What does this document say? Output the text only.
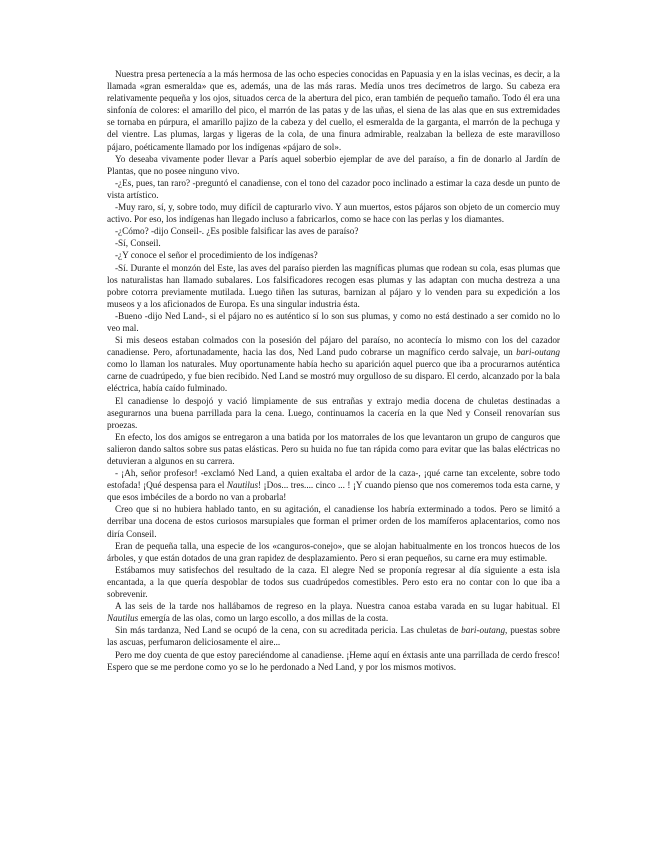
Nuestra presa pertenecía a la más hermosa de las ocho especies conocidas en Papuasia y en la islas vecinas, es decir, a la llamada «gran esmeralda» que es, además, una de las más raras. Medía unos tres decímetros de largo. Su cabeza era relativamente pequeña y los ojos, situados cerca de la abertura del pico, eran también de pequeño tamaño. Todo él era una sinfonía de colores: el amarillo del pico, el marrón de las patas y de las uñas, el siena de las alas que en sus extremidades se tornaba en púrpura, el amarillo pajizo de la cabeza y del cuello, el esmeralda de la garganta, el marrón de la pechuga y del vientre. Las plumas, largas y ligeras de la cola, de una finura admirable, realzaban la belleza de este maravilloso pájaro, poéticamente llamado por los indígenas «pájaro de sol».

Yo deseaba vivamente poder llevar a París aquel soberbio ejemplar de ave del paraíso, a fin de donarlo al Jardín de Plantas, que no posee ninguno vivo.

-¿Es, pues, tan raro? -preguntó el canadiense, con el tono del cazador poco inclinado a estimar la caza desde un punto de vista artístico.

-Muy raro, sí, y, sobre todo, muy difícil de capturarlo vivo. Y aun muertos, estos pájaros son objeto de un comercio muy activo. Por eso, los indígenas han llegado incluso a fabricarlos, como se hace con las perlas y los diamantes.

-¿Cómo? -dijo Conseil-. ¿Es posible falsificar las aves de paraíso?

-Sí, Conseil.

-¿Y conoce el señor el procedimiento de los indígenas?

-Sí. Durante el monzón del Este, las aves del paraíso pierden las magníficas plumas que rodean su cola, esas plumas que los naturalistas han llamado subalares. Los falsificadores recogen esas plumas y las adaptan con mucha destreza a una pobre cotorra previamente mutilada. Luego tiñen las suturas, barnizan al pájaro y lo venden para su expedición a los museos y a los aficionados de Europa. Es una singular industria ésta.

-Bueno -dijo Ned Land-, si el pájaro no es auténtico sí lo son sus plumas, y como no está destinado a ser comido no lo veo mal.

Si mis deseos estaban colmados con la posesión del pájaro del paraíso, no acontecía lo mismo con los del cazador canadiense. Pero, afortunadamente, hacia las dos, Ned Land pudo cobrarse un magnífico cerdo salvaje, un bari-outang como lo llaman los naturales. Muy oportunamente había hecho su aparición aquel puerco que iba a procurarnos auténtica carne de cuadrúpedo, y fue bien recibido. Ned Land se mostró muy orgulloso de su disparo. El cerdo, alcanzado por la bala eléctrica, había caído fulminado.

El canadiense lo despojó y vació limpiamente de sus entrañas y extrajo media docena de chuletas destinadas a asegurarnos una buena parrillada para la cena. Luego, continuamos la cacería en la que Ned y Conseil renovarían sus proezas.

En efecto, los dos amigos se entregaron a una batida por los matorrales de los que levantaron un grupo de canguros que salieron dando saltos sobre sus patas elásticas. Pero su huida no fue tan rápida como para evitar que las balas eléctricas no detuvieran a algunos en su carrera.

- ¡Ah, señor profesor! -exclamó Ned Land, a quien exaltaba el ardor de la caza-, ¡qué carne tan excelente, sobre todo estofada! ¡Qué despensa para el Nautilus! ¡Dos... tres.... cinco ... ! ¡Y cuando pienso que nos comeremos toda esta carne, y que esos imbéciles de a bordo no van a probarla!

Creo que si no hubiera hablado tanto, en su agitación, el canadiense los habría exterminado a todos. Pero se limitó a derribar una docena de estos curiosos marsupiales que forman el primer orden de los mamíferos aplacentarios, como nos diría Conseil.

Eran de pequeña talla, una especie de los «canguros-conejo», que se alojan habitualmente en los troncos huecos de los árboles, y que están dotados de una gran rapidez de desplazamiento. Pero si eran pequeños, su carne era muy estimable.

Estábamos muy satisfechos del resultado de la caza. El alegre Ned se proponía regresar al día siguiente a esta isla encantada, a la que quería despoblar de todos sus cuadrúpedos comestibles. Pero esto era no contar con lo que iba a sobrevenir.

A las seis de la tarde nos hallábamos de regreso en la playa. Nuestra canoa estaba varada en su lugar habitual. El Nautilus emergía de las olas, como un largo escollo, a dos millas de la costa.

Sin más tardanza, Ned Land se ocupó de la cena, con su acreditada pericia. Las chuletas de bari-outang, puestas sobre las ascuas, perfumaron deliciosamente el aire...

Pero me doy cuenta de que estoy pareciéndome al canadiense. ¡Heme aquí en éxtasis ante una parrillada de cerdo fresco! Espero que se me perdone como yo se lo he perdonado a Ned Land, y por los mismos motivos.
